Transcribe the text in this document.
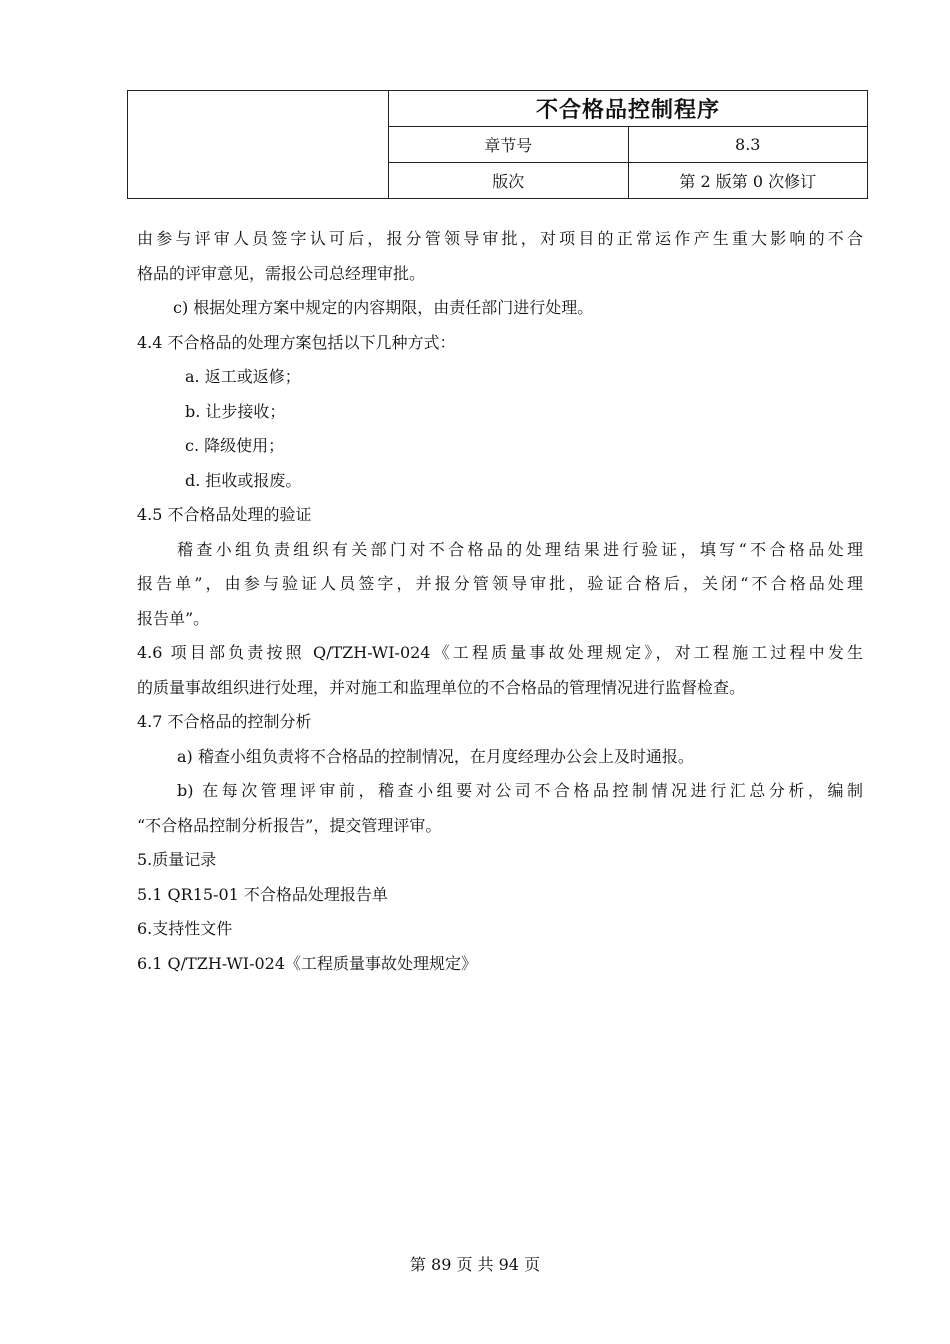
	不合格品控制程序	
	章节号	8.3
	版次	第 2 版第 0 次修订
由参与评审人员签字认可后，报分管领导审批，对项目的正常运作产生重大影响的不合
格品的评审意见，需报公司总经理审批。
c) 根据处理方案中规定的内容期限，由责任部门进行处理。
4.4 不合格品的处理方案包括以下几种方式：
a. 返工或返修；
b. 让步接收；
c. 降级使用；
d. 拒收或报废。
4.5 不合格品处理的验证
稽查小组负责组织有关部门对不合格品的处理结果进行验证，填写“不合格品处理
报告单”，由参与验证人员签字，并报分管领导审批，验证合格后，关闭“不合格品处理
报告单”。
4.6 项目部负责按照 Q/TZH-WI-024《工程质量事故处理规定》，对工程施工过程中发生
的质量事故组织进行处理，并对施工和监理单位的不合格品的管理情况进行监督检查。
4.7 不合格品的控制分析
a) 稽查小组负责将不合格品的控制情况，在月度经理办公会上及时通报。
b) 在每次管理评审前，稽查小组要对公司不合格品控制情况进行汇总分析，编制
“不合格品控制分析报告”，提交管理评审。
5.质量记录
5.1 QR15-01 不合格品处理报告单
6.支持性文件
6.1 Q/TZH-WI-024《工程质量事故处理规定》
第 89 页 共 94 页
